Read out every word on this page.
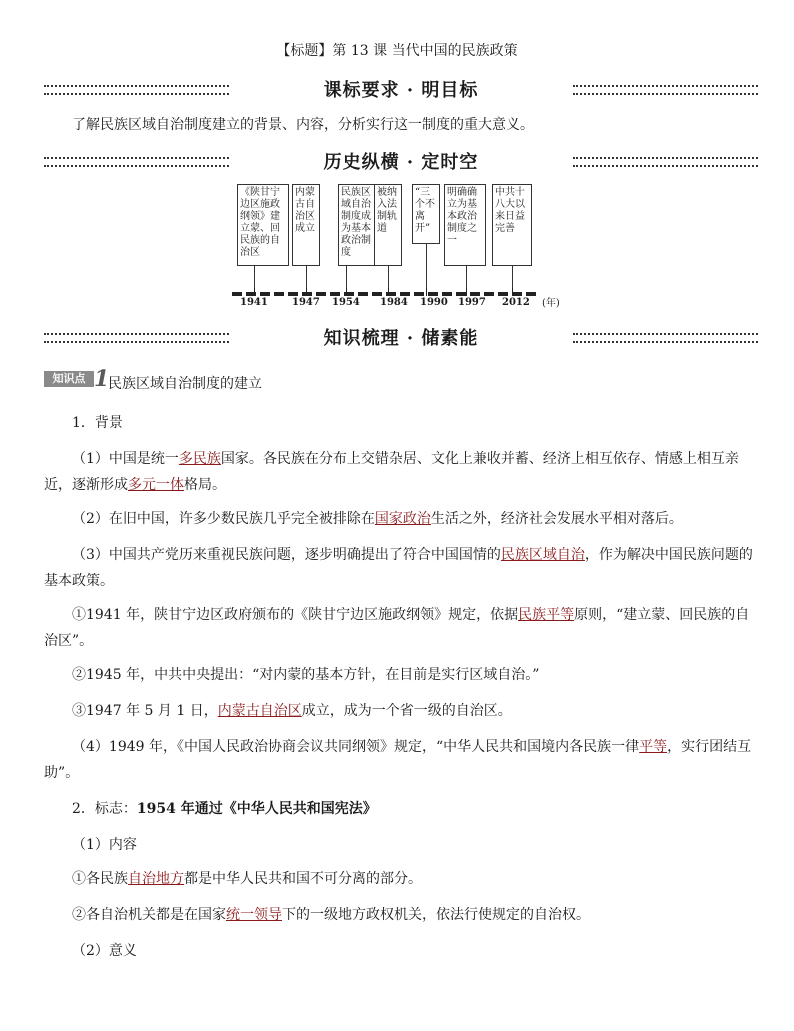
【标题】第 13 课 当代中国的民族政策
课标要求 · 明目标
了解民族区域自治制度建立的背景、内容，分析实行这一制度的重大意义。
历史纵横 · 定时空
《陕甘宁边区施政纲领》建立蒙、回民族的自治区
内蒙古自治区成立
民族区域自治制度成为基本政治制度
被纳入法制轨道
“三个不离开”
明确确立为基本政治制度之一
中共十八大以来日益完善
1941 1947 1954 1984 1990 1997 2012 (年)
知识梳理 · 储素能
知识点 1
民族区域自治制度的建立
1．背景
（1）中国是统一多民族国家。各民族在分布上交错杂居、文化上兼收并蓄、经济上相互依存、情感上相互亲近，逐渐形成多元一体格局。
（2）在旧中国，许多少数民族几乎完全被排除在国家政治生活之外，经济社会发展水平相对落后。
（3）中国共产党历来重视民族问题，逐步明确提出了符合中国国情的民族区域自治，作为解决中国民族问题的基本政策。
①1941 年，陕甘宁边区政府颁布的《陕甘宁边区施政纲领》规定，依据民族平等原则，“建立蒙、回民族的自治区”。
②1945 年，中共中央提出：“对内蒙的基本方针，在目前是实行区域自治。”
③1947 年 5 月 1 日，内蒙古自治区成立，成为一个省一级的自治区。
（4）1949 年，《中国人民政治协商会议共同纲领》规定，“中华人民共和国境内各民族一律平等，实行团结互助”。
2．标志：1954 年通过《中华人民共和国宪法》
（1）内容
①各民族自治地方都是中华人民共和国不可分离的部分。
②各自治机关都是在国家统一领导下的一级地方政权机关，依法行使规定的自治权。
（2）意义
